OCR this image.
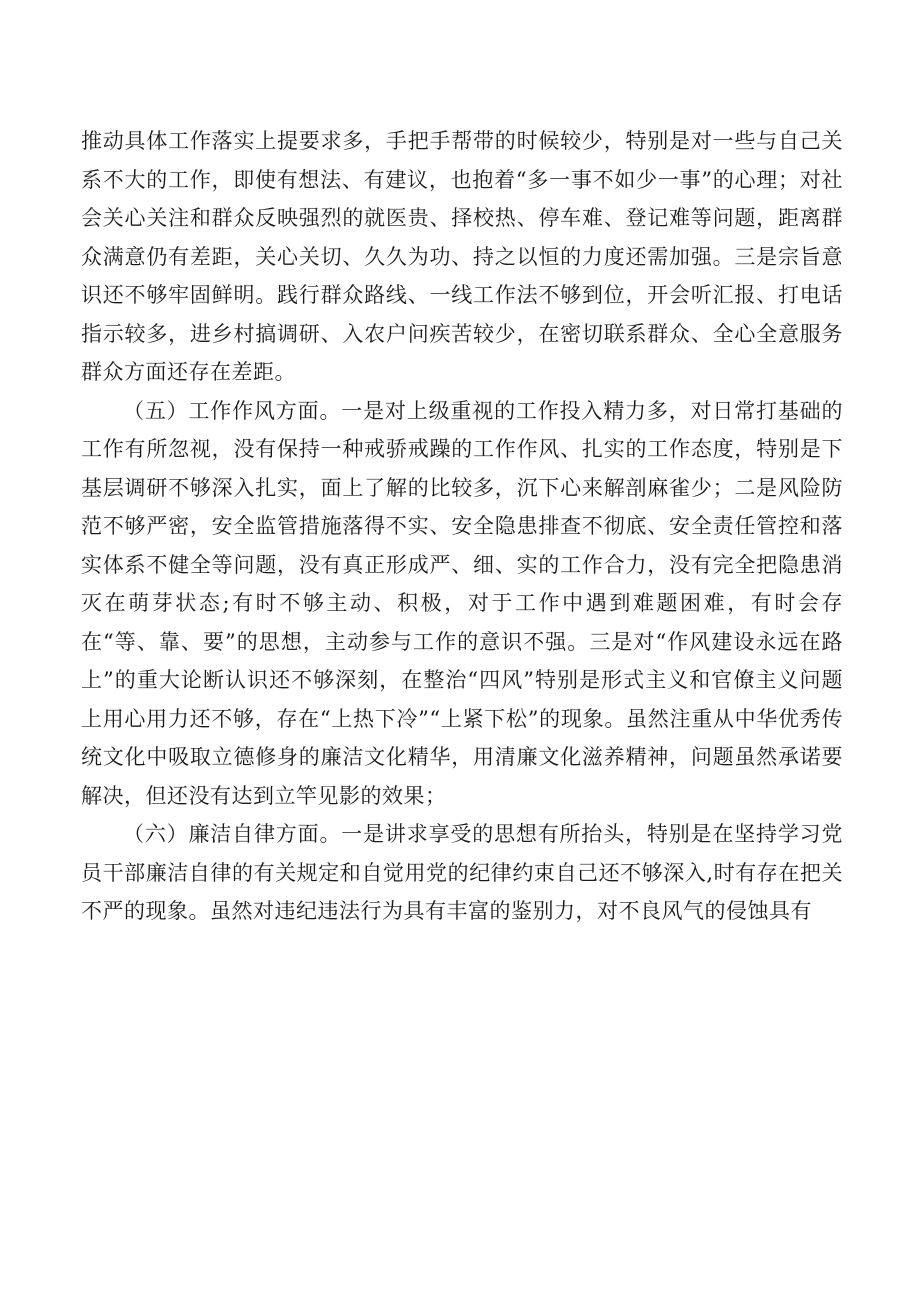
推动具体工作落实上提要求多，手把手帮带的时候较少，特别是对一些与自己关系不大的工作，即使有想法、有建议，也抱着“多一事不如少一事”的心理；对社会关心关注和群众反映强烈的就医贵、择校热、停车难、登记难等问题，距离群众满意仍有差距，关心关切、久久为功、持之以恒的力度还需加强。三是宗旨意识还不够牢固鲜明。践行群众路线、一线工作法不够到位，开会听汇报、打电话指示较多，进乡村搞调研、入农户问疾苦较少，在密切联系群众、全心全意服务群众方面还存在差距。

（五）工作作风方面。一是对上级重视的工作投入精力多，对日常打基础的工作有所忽视，没有保持一种戒骄戒躁的工作作风、扎实的工作态度，特别是下基层调研不够深入扎实，面上了解的比较多，沉下心来解剖麻雀少；二是风险防范不够严密，安全监管措施落得不实、安全隐患排查不彻底、安全责任管控和落实体系不健全等问题，没有真正形成严、细、实的工作合力，没有完全把隐患消灭在萌芽状态;有时不够主动、积极，对于工作中遇到难题困难，有时会存在“等、靠、要”的思想，主动参与工作的意识不强。三是对“作风建设永远在路上”的重大论断认识还不够深刻，在整治“四风”特别是形式主义和官僚主义问题上用心用力还不够，存在“上热下冷”“上紧下松”的现象。虽然注重从中华优秀传统文化中吸取立德修身的廉洁文化精华，用清廉文化滋养精神，问题虽然承诺要解决，但还没有达到立竿见影的效果；

（六）廉洁自律方面。一是讲求享受的思想有所抬头，特别是在坚持学习党员干部廉洁自律的有关规定和自觉用党的纪律约束自己还不够深入,时有存在把关不严的现象。虽然对违纪违法行为具有丰富的鉴别力，对不良风气的侵蚀具有
